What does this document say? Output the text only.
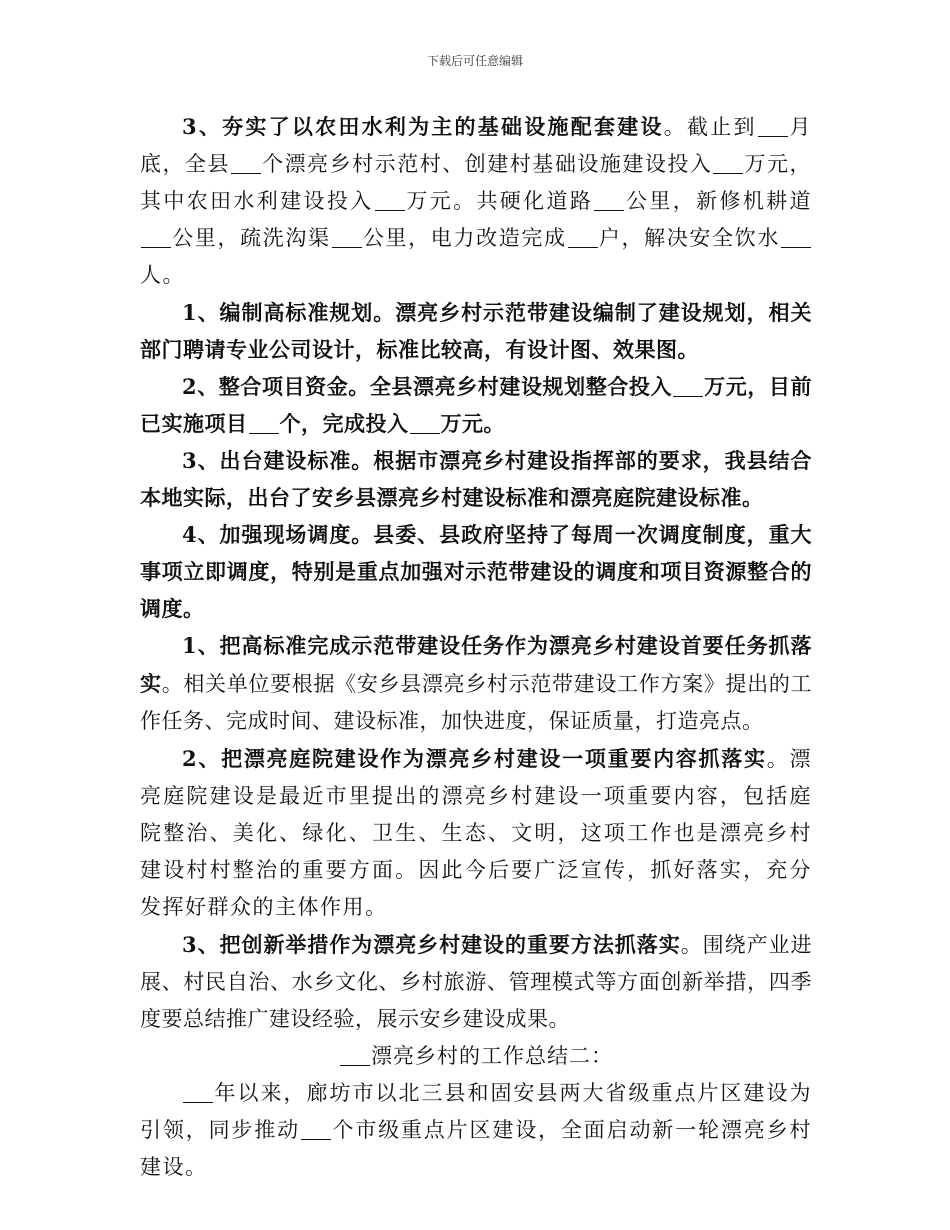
下载后可任意编辑

3、夯实了以农田水利为主的基础设施配套建设。截止到 月底，全县 个漂亮乡村示范村、创建村基础设施建设投入 万元，其中农田水利建设投入 万元。共硬化道路 公里，新修机耕道公里，疏洗沟渠 公里，电力改造完成 户，解决安全饮水人。

1、编制高标准规划。漂亮乡村示范带建设编制了建设规划，相关部门聘请专业公司设计，标准比较高，有设计图、效果图。

2、整合项目资金。全县漂亮乡村建设规划整合投入 万元，目前已实施项目 个，完成投入 万元。

3、出台建设标准。根据市漂亮乡村建设指挥部的要求，我县结合本地实际，出台了安乡县漂亮乡村建设标准和漂亮庭院建设标准。

4、加强现场调度。县委、县政府坚持了每周一次调度制度，重大事项立即调度，特别是重点加强对示范带建设的调度和项目资源整合的调度。

1、把高标准完成示范带建设任务作为漂亮乡村建设首要任务抓落实。相关单位要根据《安乡县漂亮乡村示范带建设工作方案》提出的工作任务、完成时间、建设标准，加快进度，保证质量，打造亮点。

2、把漂亮庭院建设作为漂亮乡村建设一项重要内容抓落实。漂亮庭院建设是最近市里提出的漂亮乡村建设一项重要内容，包括庭院整治、美化、绿化、卫生、生态、文明，这项工作也是漂亮乡村建设村村整治的重要方面。因此今后要广泛宣传，抓好落实，充分发挥好群众的主体作用。

3、把创新举措作为漂亮乡村建设的重要方法抓落实。围绕产业进展、村民自治、水乡文化、乡村旅游、管理模式等方面创新举措，四季度要总结推广建设经验，展示安乡建设成果。

漂亮乡村的工作总结二：

年以来，廊坊市以北三县和固安县两大省级重点片区建设为引领，同步推动 个市级重点片区建设，全面启动新一轮漂亮乡村建设。
